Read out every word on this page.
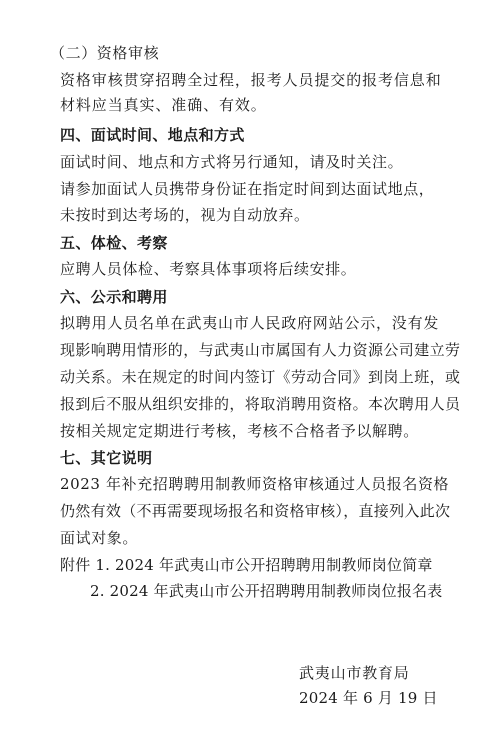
（二）资格审核
资格审核贯穿招聘全过程，报考人员提交的报考信息和
材料应当真实、准确、有效。
四、面试时间、地点和方式
面试时间、地点和方式将另行通知，请及时关注。
请参加面试人员携带身份证在指定时间到达面试地点，
未按时到达考场的，视为自动放弃。
五、体检、考察
应聘人员体检、考察具体事项将后续安排。
六、公示和聘用
拟聘用人员名单在武夷山市人民政府网站公示，没有发
现影响聘用情形的，与武夷山市属国有人力资源公司建立劳
动关系。未在规定的时间内签订《劳动合同》到岗上班，或
报到后不服从组织安排的，将取消聘用资格。本次聘用人员
按相关规定定期进行考核，考核不合格者予以解聘。
七、其它说明
2023 年补充招聘聘用制教师资格审核通过人员报名资格
仍然有效（不再需要现场报名和资格审核），直接列入此次
面试对象。
附件 1. 2024 年武夷山市公开招聘聘用制教师岗位简章
2. 2024 年武夷山市公开招聘聘用制教师岗位报名表
武夷山市教育局
2024 年 6 月 19 日
